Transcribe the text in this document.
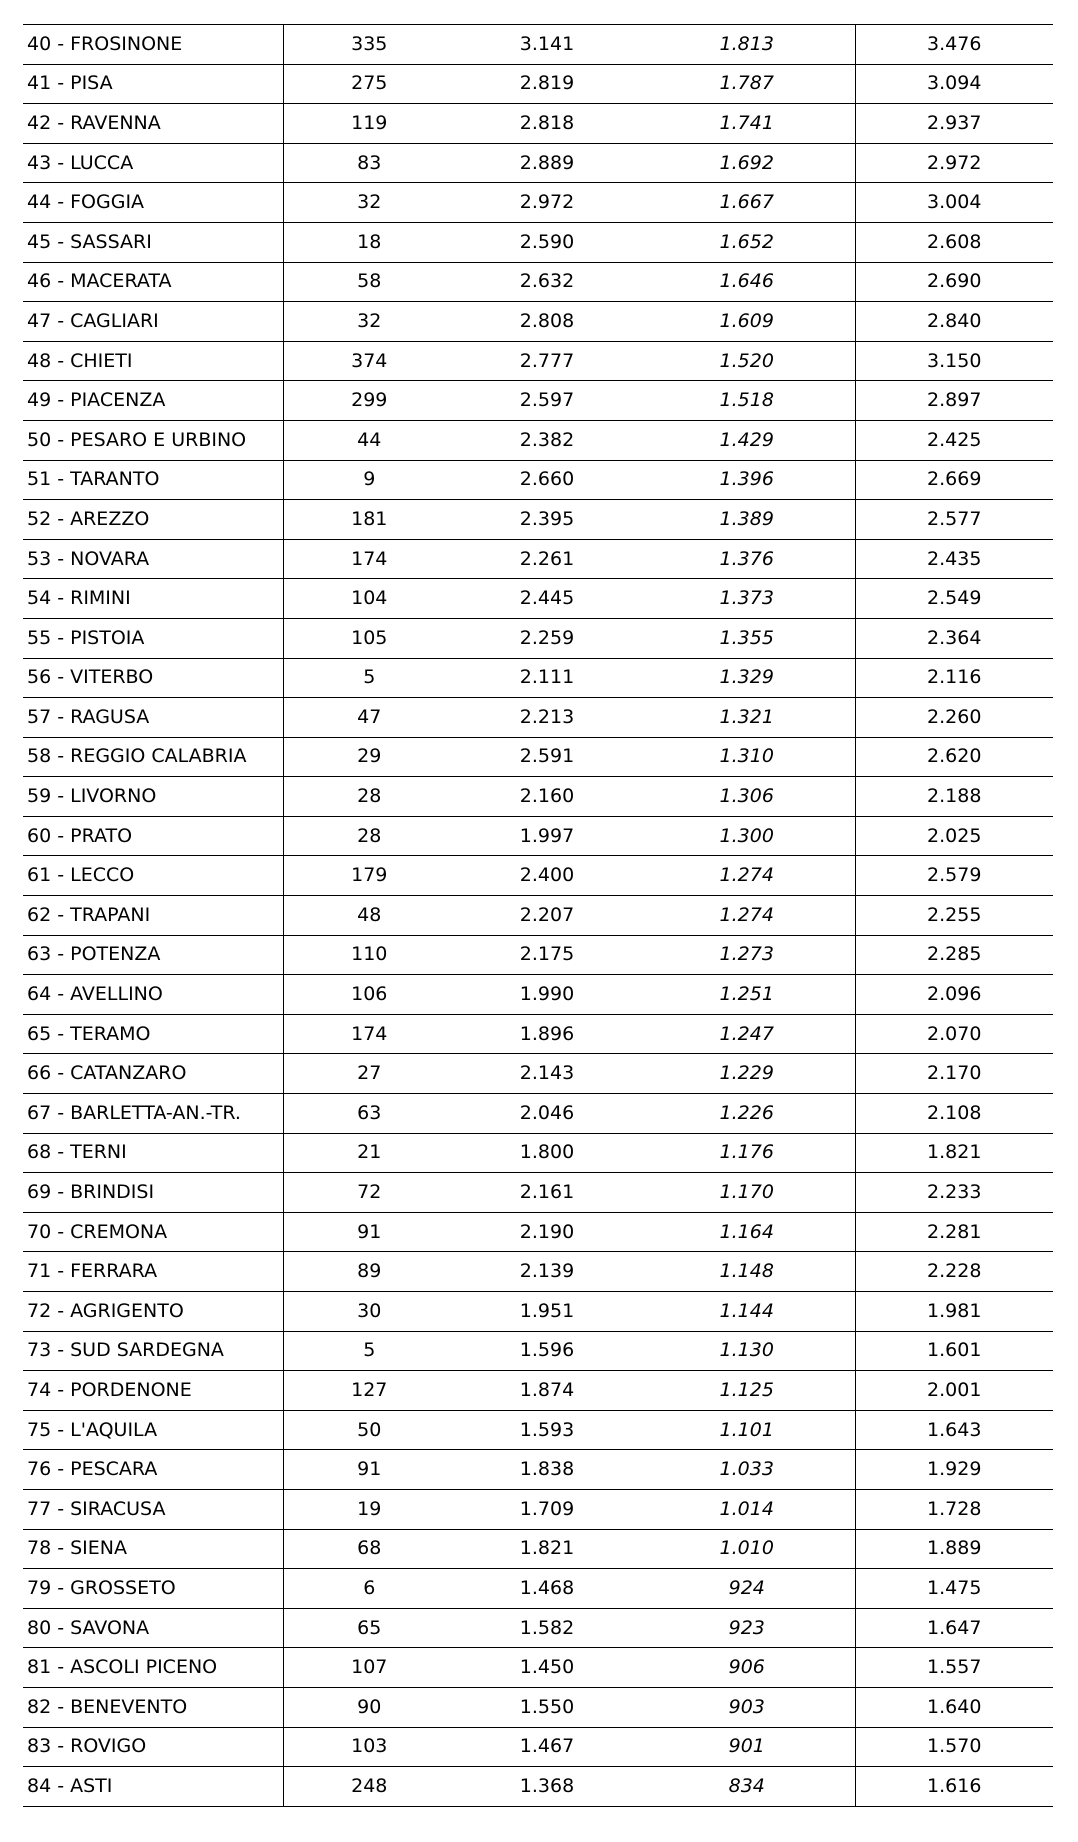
40 - FROSINONE	335	3.141	1.813	3.476
41 - PISA	275	2.819	1.787	3.094
42 - RAVENNA	119	2.818	1.741	2.937
43 - LUCCA	83	2.889	1.692	2.972
44 - FOGGIA	32	2.972	1.667	3.004
45 - SASSARI	18	2.590	1.652	2.608
46 - MACERATA	58	2.632	1.646	2.690
47 - CAGLIARI	32	2.808	1.609	2.840
48 - CHIETI	374	2.777	1.520	3.150
49 - PIACENZA	299	2.597	1.518	2.897
50 - PESARO E URBINO	44	2.382	1.429	2.425
51 - TARANTO	9	2.660	1.396	2.669
52 - AREZZO	181	2.395	1.389	2.577
53 - NOVARA	174	2.261	1.376	2.435
54 - RIMINI	104	2.445	1.373	2.549
55 - PISTOIA	105	2.259	1.355	2.364
56 - VITERBO	5	2.111	1.329	2.116
57 - RAGUSA	47	2.213	1.321	2.260
58 - REGGIO CALABRIA	29	2.591	1.310	2.620
59 - LIVORNO	28	2.160	1.306	2.188
60 - PRATO	28	1.997	1.300	2.025
61 - LECCO	179	2.400	1.274	2.579
62 - TRAPANI	48	2.207	1.274	2.255
63 - POTENZA	110	2.175	1.273	2.285
64 - AVELLINO	106	1.990	1.251	2.096
65 - TERAMO	174	1.896	1.247	2.070
66 - CATANZARO	27	2.143	1.229	2.170
67 - BARLETTA-AN.-TR.	63	2.046	1.226	2.108
68 - TERNI	21	1.800	1.176	1.821
69 - BRINDISI	72	2.161	1.170	2.233
70 - CREMONA	91	2.190	1.164	2.281
71 - FERRARA	89	2.139	1.148	2.228
72 - AGRIGENTO	30	1.951	1.144	1.981
73 - SUD SARDEGNA	5	1.596	1.130	1.601
74 - PORDENONE	127	1.874	1.125	2.001
75 - L'AQUILA	50	1.593	1.101	1.643
76 - PESCARA	91	1.838	1.033	1.929
77 - SIRACUSA	19	1.709	1.014	1.728
78 - SIENA	68	1.821	1.010	1.889
79 - GROSSETO	6	1.468	924	1.475
80 - SAVONA	65	1.582	923	1.647
81 - ASCOLI PICENO	107	1.450	906	1.557
82 - BENEVENTO	90	1.550	903	1.640
83 - ROVIGO	103	1.467	901	1.570
84 - ASTI	248	1.368	834	1.616
